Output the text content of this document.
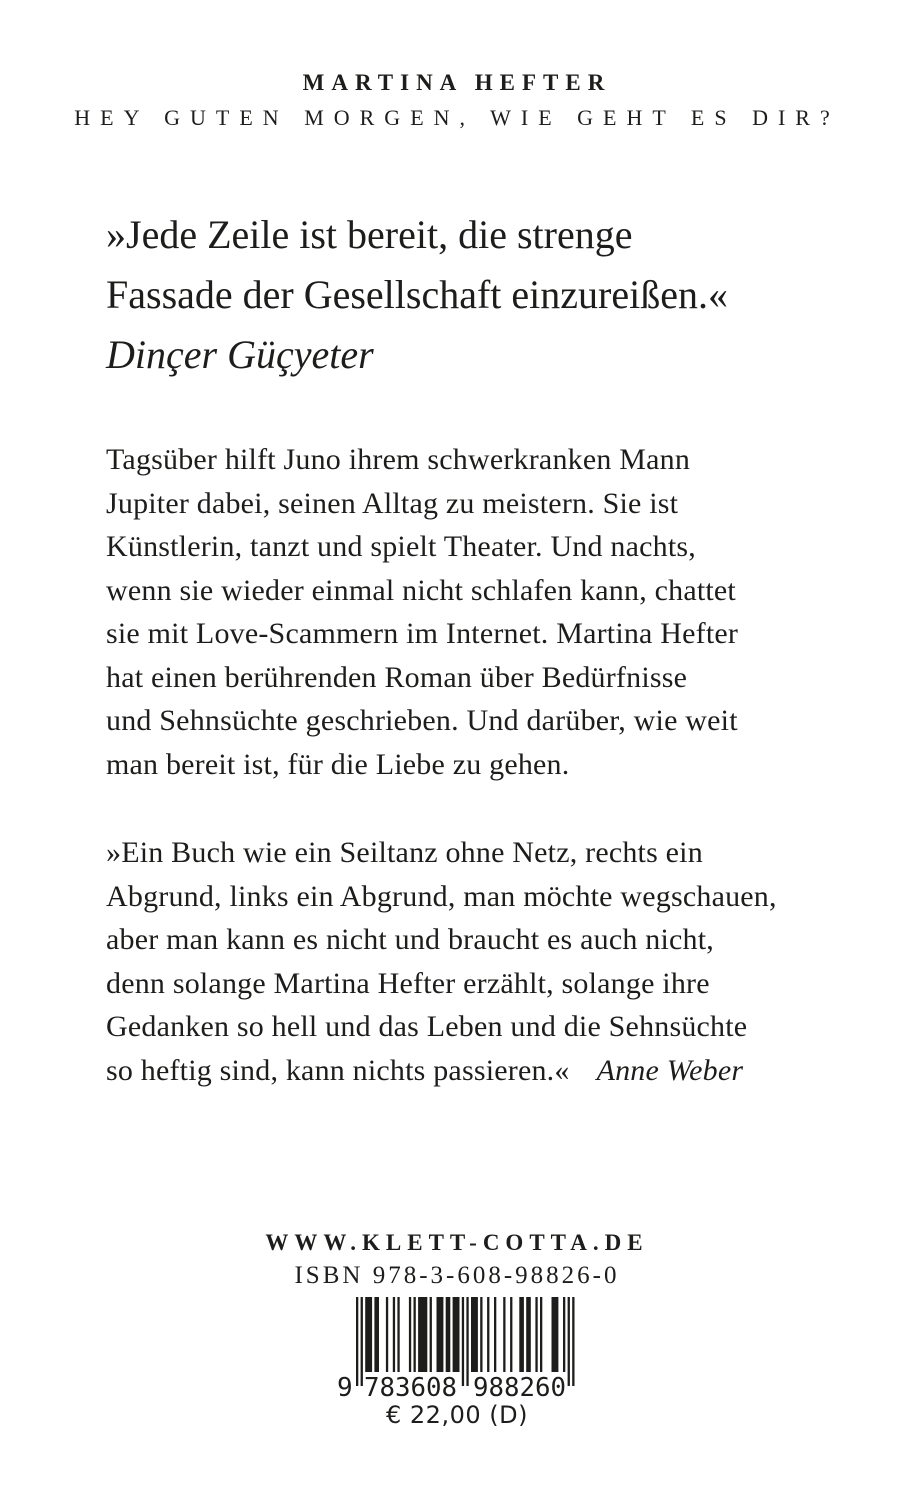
MARTINA HEFTER
HEY GUTEN MORGEN, WIE GEHT ES DIR?
»Jede Zeile ist bereit, die strenge
Fassade der Gesellschaft einzureißen.«
Dinçer Güçyeter
Tagsüber hilft Juno ihrem schwerkranken Mann
Jupiter dabei, seinen Alltag zu meistern. Sie ist
Künstlerin, tanzt und spielt Theater. Und nachts,
wenn sie wieder einmal nicht schlafen kann, chattet
sie mit Love-Scammern im Internet. Martina Hefter
hat einen berührenden Roman über Bedürfnisse
und Sehnsüchte geschrieben. Und darüber, wie weit
man bereit ist, für die Liebe zu gehen.
»Ein Buch wie ein Seiltanz ohne Netz, rechts ein
Abgrund, links ein Abgrund, man möchte wegschauen,
aber man kann es nicht und braucht es auch nicht,
denn solange Martina Hefter erzählt, solange ihre
Gedanken so hell und das Leben und die Sehnsüchte
so heftig sind, kann nichts passieren.« Anne Weber
WWW.KLETT-COTTA.DE
ISBN 978-3-608-98826-0
9 783608 988260
€ 22,00 (D)
